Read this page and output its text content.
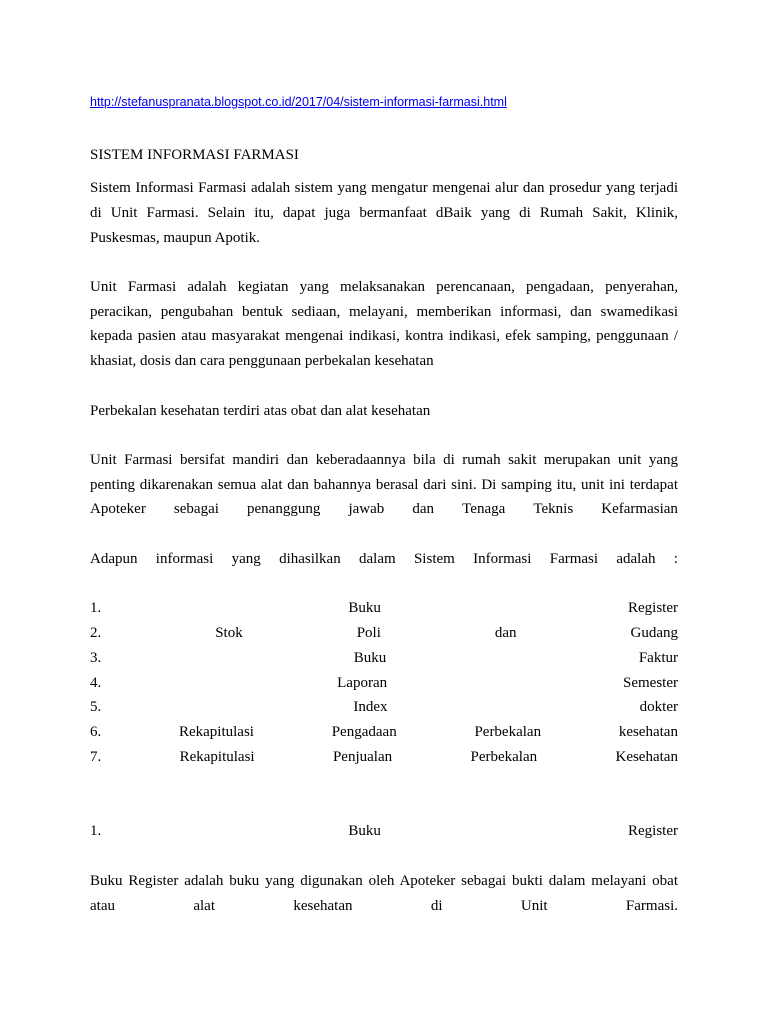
http://stefanuspranata.blogspot.co.id/2017/04/sistem-informasi-farmasi.html
SISTEM INFORMASI FARMASI
Sistem Informasi Farmasi adalah sistem yang mengatur mengenai alur dan prosedur yang terjadi
di Unit Farmasi. Selain itu, dapat juga bermanfaat dBaik yang di Rumah Sakit, Klinik,
Puskesmas, maupun Apotik.
Unit Farmasi adalah kegiatan yang melaksanakan perencanaan, pengadaan, penyerahan,
peracikan, pengubahan bentuk sediaan, melayani, memberikan informasi, dan swamedikasi
kepada pasien atau masyarakat mengenai indikasi, kontra indikasi, efek samping, penggunaan /
khasiat, dosis dan cara penggunaan perbekalan kesehatan
Perbekalan kesehatan terdiri atas obat dan alat kesehatan
Unit Farmasi bersifat mandiri dan keberadaannya bila di rumah sakit merupakan unit yang
penting dikarenakan semua alat dan bahannya berasal dari sini. Di samping itu, unit ini terdapat
Apoteker sebagai penanggung jawab dan Tenaga Teknis Kefarmasian
Adapun informasi yang dihasilkan dalam Sistem Informasi Farmasi adalah :
1.	Buku	Register
2.	Stok	Poli	dan	Gudang
3.	Buku	Faktur
4.	Laporan	Semester
5.	Index	dokter
6.	Rekapitulasi	Pengadaan	Perbekalan	kesehatan
7.	Rekapitulasi	Penjualan	Perbekalan	Kesehatan
1.	Buku	Register
Buku Register adalah buku yang digunakan oleh Apoteker sebagai bukti dalam melayani obat
atau	alat	kesehatan	di	Unit	Farmasi.
